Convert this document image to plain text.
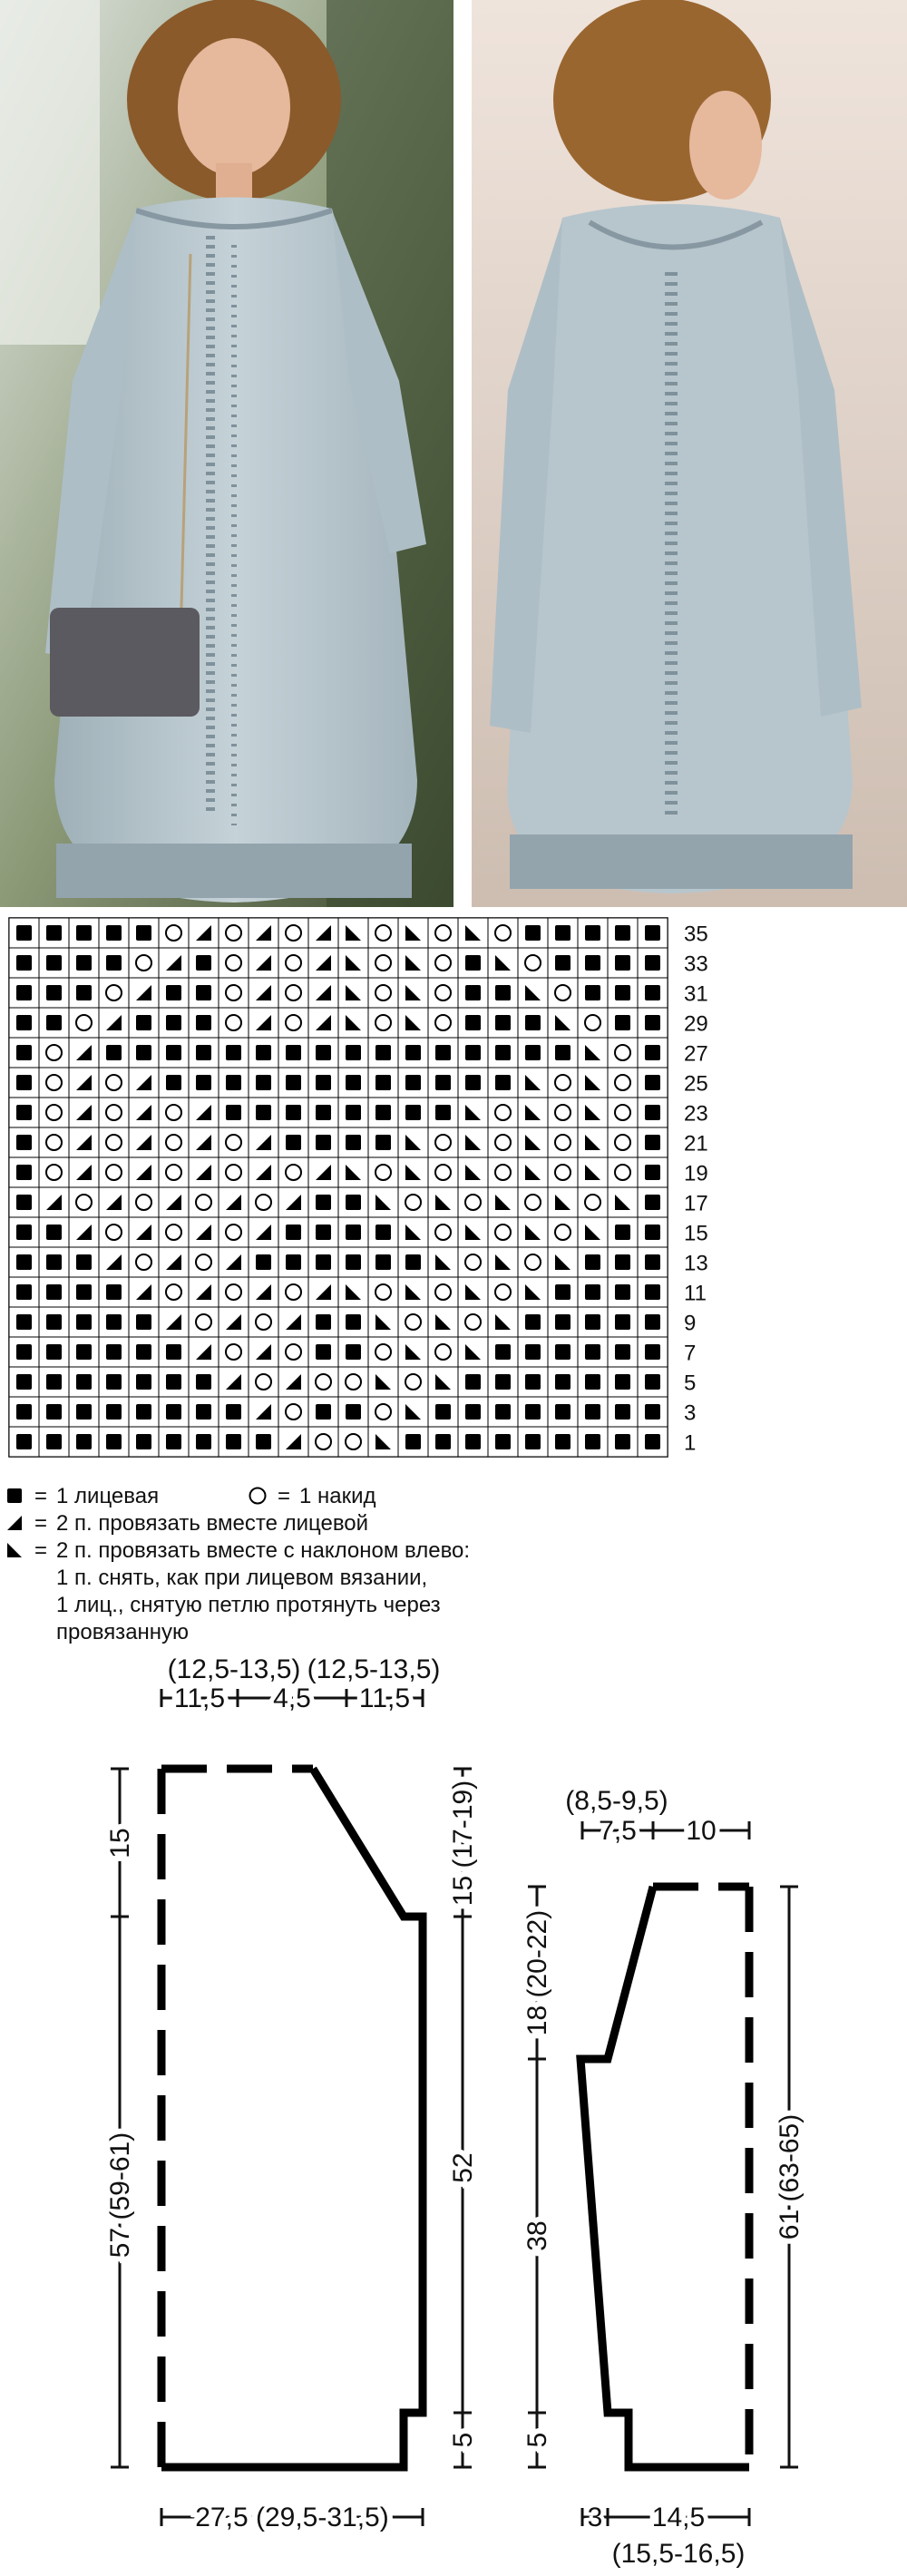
35
33
31
29
27
25
23
21
19
17
15
13
11
9
7
5
3
1
= 1 лицевая	= 1 накид
= 2 п. провязать вместе лицевой
= 2 п. провязать вместе с наклоном влево:
1 п. снять, как при лицевом вязании,
1 лиц., снятую петлю протянуть через
провязанную
(12,5-13,5) (12,5-13,5)
11,5 4,5 11,5
15
57 (59-61)
15 (17-19)
52
5
27,5 (29,5-31,5)
(8,5-9,5)
7,5 10
18 (20-22)
38
5
61 (63-65)
3 14,5
(15,5-16,5)
